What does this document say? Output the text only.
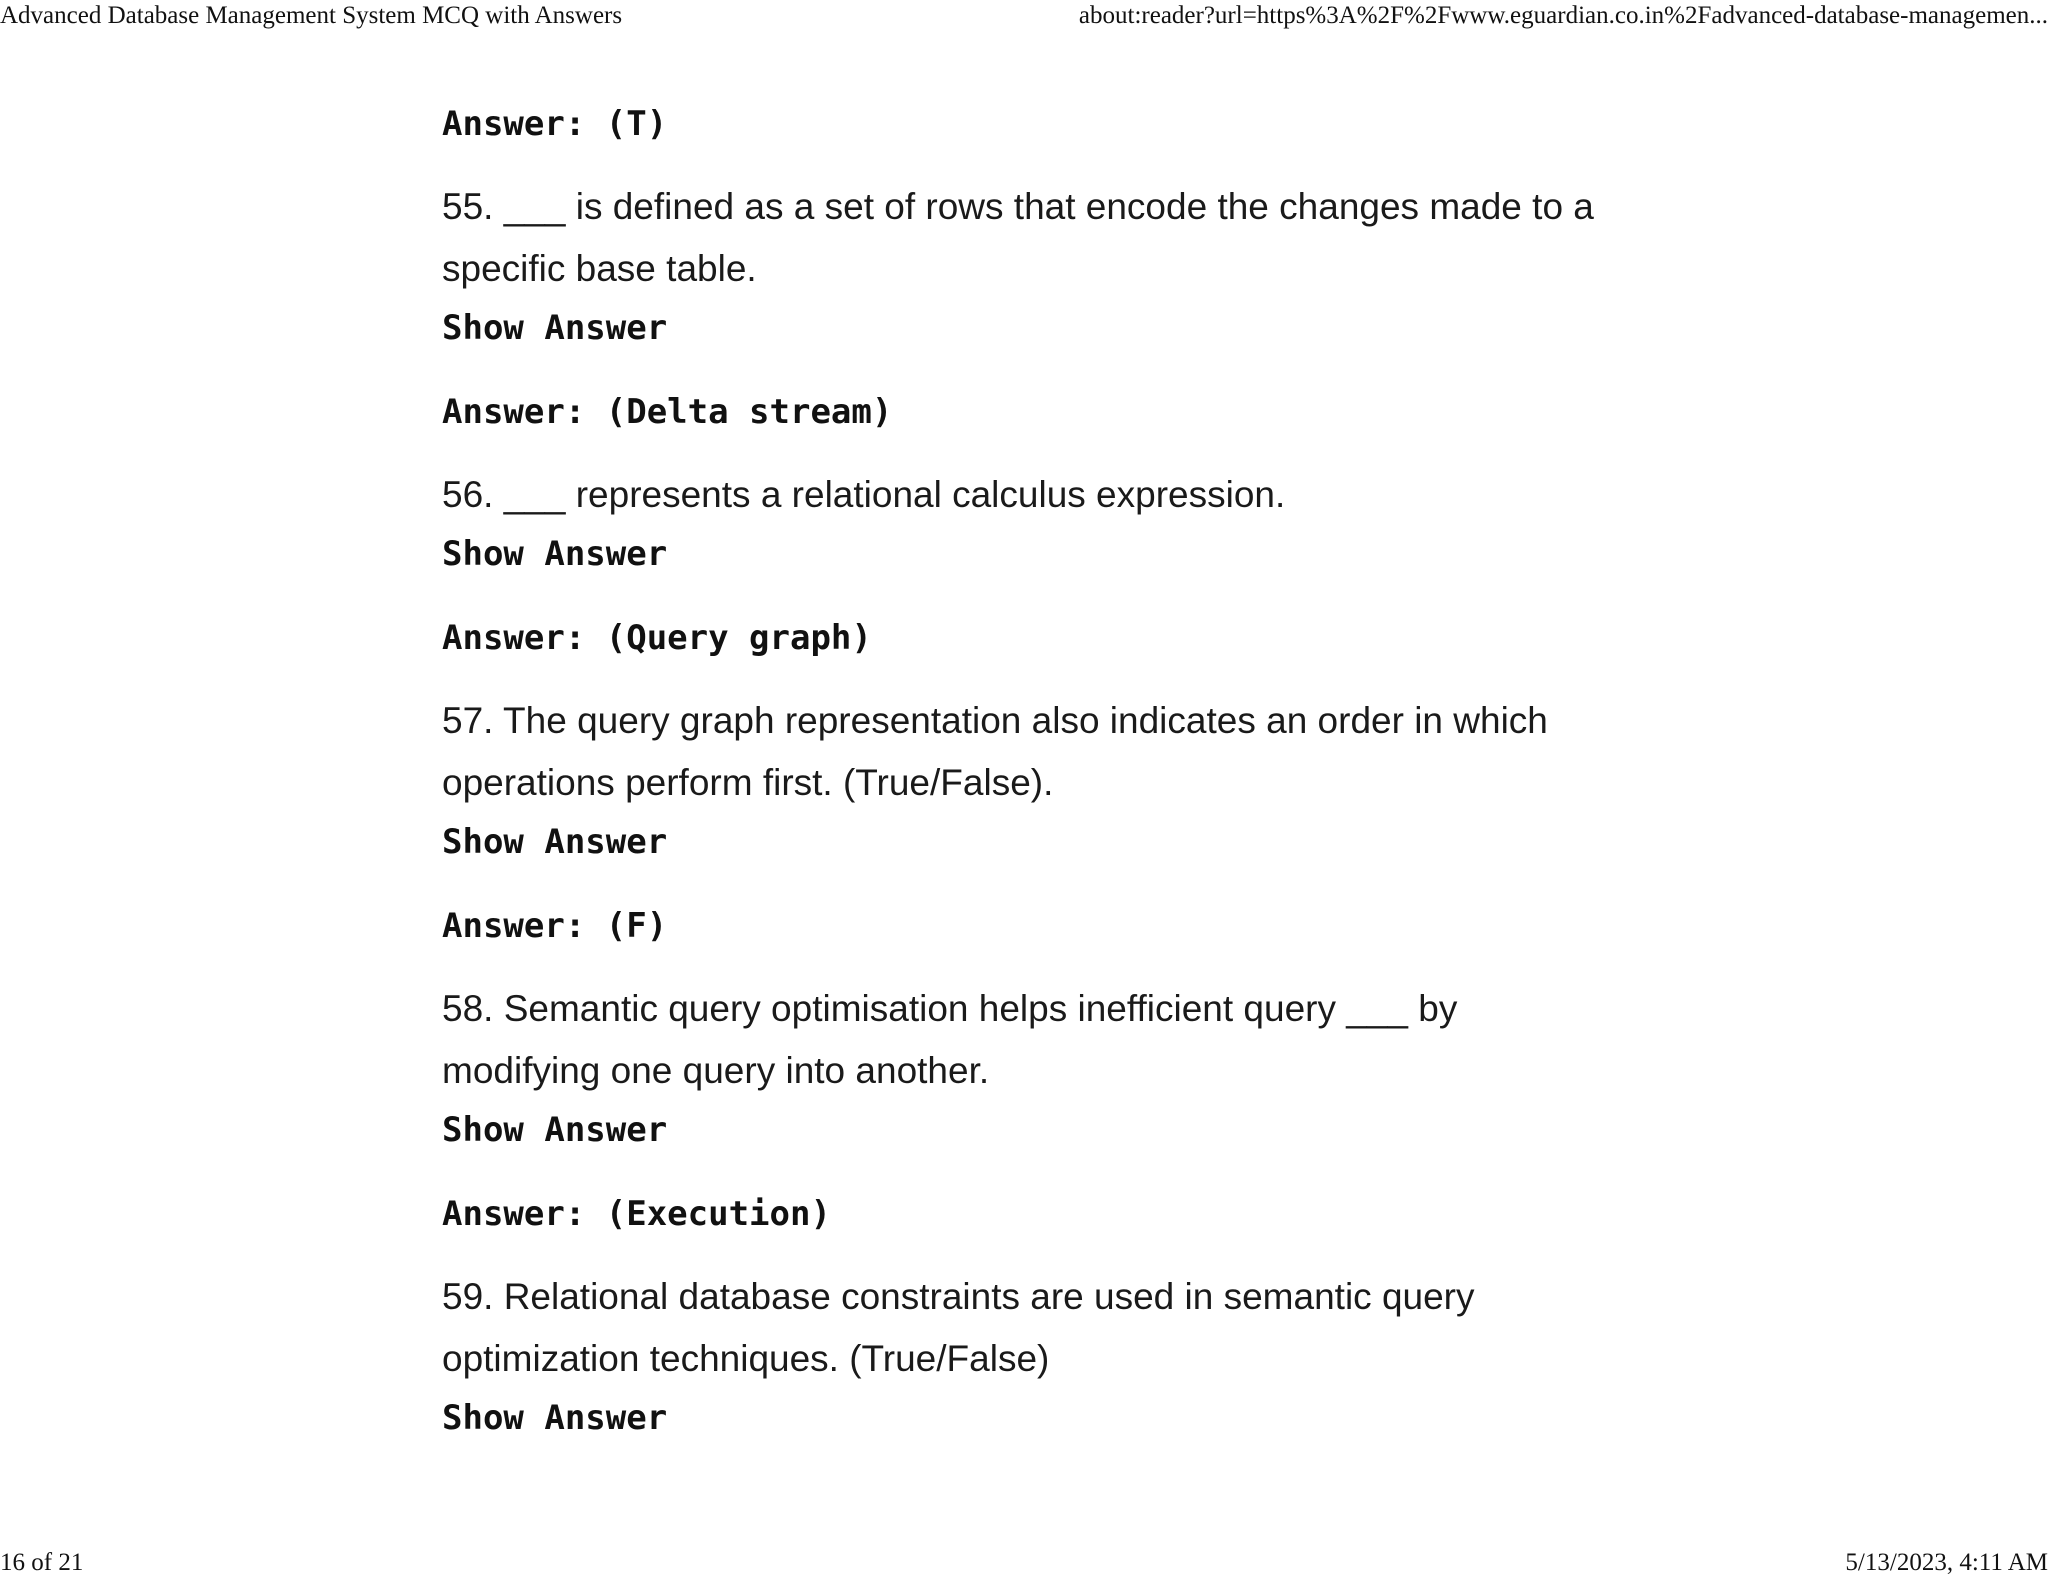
Advanced Database Management System MCQ with Answers	about:reader?url=https%3A%2F%2Fwww.eguardian.co.in%2Fadvanced-database-managemen...

Answer: (T)

55. ___ is defined as a set of rows that encode the changes made to a specific base table.

Show Answer

Answer: (Delta stream)

56. ___ represents a relational calculus expression.

Show Answer

Answer: (Query graph)

57. The query graph representation also indicates an order in which operations perform first. (True/False).

Show Answer

Answer: (F)

58. Semantic query optimisation helps inefficient query ___ by modifying one query into another.

Show Answer

Answer: (Execution)

59. Relational database constraints are used in semantic query optimization techniques. (True/False)

Show Answer

16 of 21	5/13/2023, 4:11 AM
